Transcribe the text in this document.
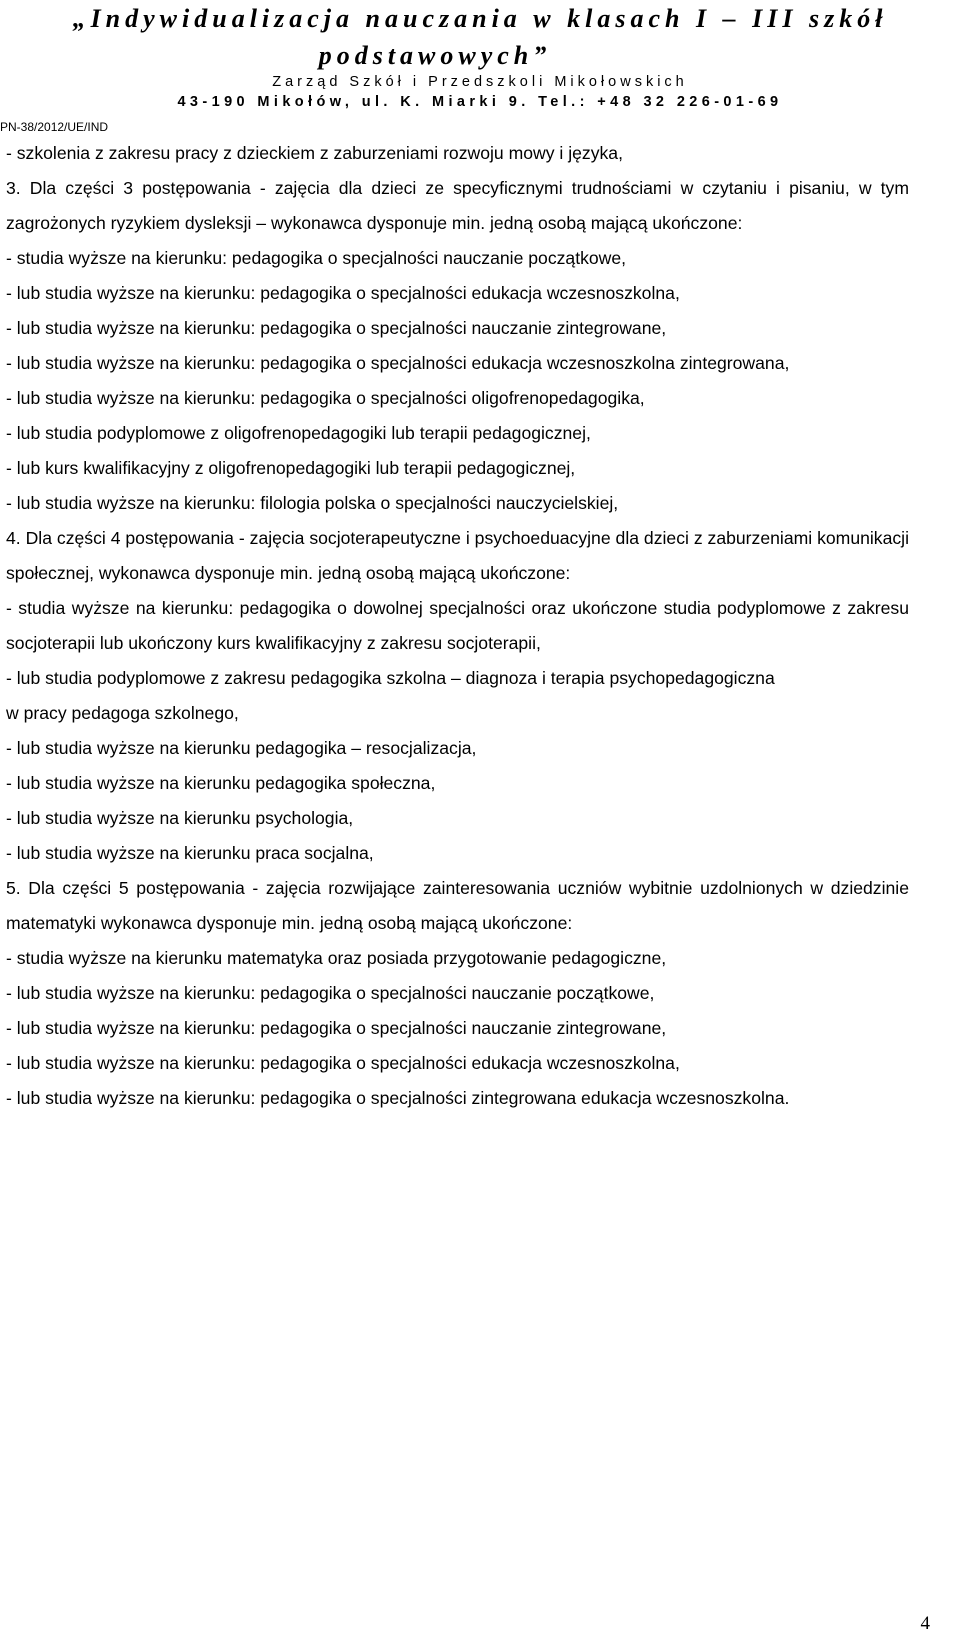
„Indywidualizacja nauczania w klasach I – III szkół
podstawowych”
Zarząd Szkół i Przedszkoli Mikołowskich
43-190 Mikołów, ul. K. Miarki 9. Tel.: +48 32 226-01-69
PN-38/2012/UE/IND

- szkolenia z zakresu pracy z dzieckiem z zaburzeniami rozwoju mowy i języka,

3. Dla części 3 postępowania - zajęcia dla dzieci ze specyficznymi trudnościami w czytaniu i pisaniu, w tym zagrożonych ryzykiem dysleksji – wykonawca dysponuje min. jedną osobą mającą ukończone:

- studia wyższe na kierunku: pedagogika o specjalności nauczanie początkowe,

- lub studia wyższe na kierunku: pedagogika o specjalności edukacja wczesnoszkolna,

- lub studia wyższe na kierunku: pedagogika o specjalności nauczanie zintegrowane,

- lub studia wyższe na kierunku: pedagogika o specjalności edukacja wczesnoszkolna zintegrowana,

- lub studia wyższe na kierunku: pedagogika o specjalności oligofrenopedagogika,

- lub studia podyplomowe z oligofrenopedagogiki lub terapii pedagogicznej,

- lub kurs kwalifikacyjny z oligofrenopedagogiki lub terapii pedagogicznej,

- lub studia wyższe na kierunku: filologia polska o specjalności nauczycielskiej,

4. Dla części 4 postępowania - zajęcia socjoterapeutyczne i psychoeduacyjne dla dzieci z zaburzeniami komunikacji społecznej, wykonawca dysponuje min. jedną osobą mającą ukończone:

- studia wyższe na kierunku: pedagogika o dowolnej specjalności oraz ukończone studia podyplomowe z zakresu socjoterapii lub ukończony kurs kwalifikacyjny z zakresu socjoterapii,

- lub studia podyplomowe z zakresu pedagogika szkolna – diagnoza i terapia psychopedagogiczna

w pracy pedagoga szkolnego,

- lub studia wyższe na kierunku pedagogika – resocjalizacja,

- lub studia wyższe na kierunku pedagogika społeczna,

- lub studia wyższe na kierunku psychologia,

- lub studia wyższe na kierunku praca socjalna,

5. Dla części 5 postępowania - zajęcia rozwijające zainteresowania uczniów wybitnie uzdolnionych w dziedzinie matematyki wykonawca dysponuje min. jedną osobą mającą ukończone:

- studia wyższe na kierunku matematyka oraz posiada przygotowanie pedagogiczne,

- lub studia wyższe na kierunku: pedagogika o specjalności nauczanie początkowe,

- lub studia wyższe na kierunku: pedagogika o specjalności nauczanie zintegrowane,

- lub studia wyższe na kierunku: pedagogika o specjalności edukacja wczesnoszkolna,

- lub studia wyższe na kierunku: pedagogika o specjalności zintegrowana edukacja wczesnoszkolna.

4
